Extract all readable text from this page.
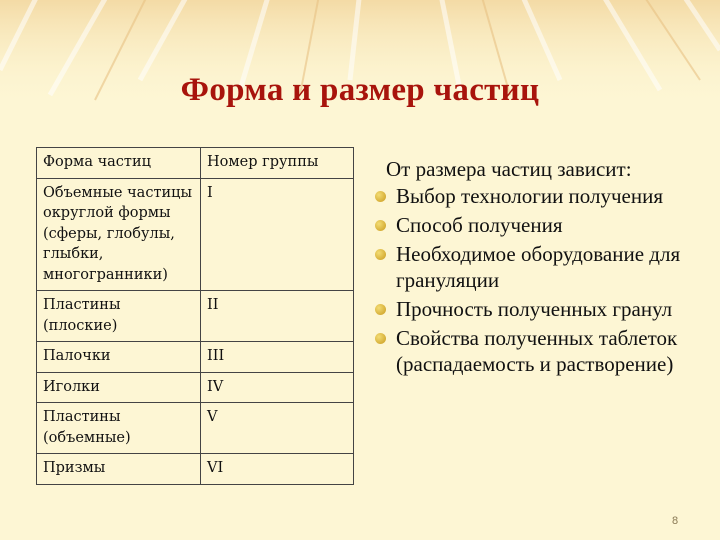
Форма и размер частиц
Форма частиц	Номер группы
Объемные частицы округлой формы (сферы, глобулы, глыбки, многогранники)	I
Пластины (плоские)	II
Палочки	III
Иголки	IV
Пластины (объемные)	V
Призмы	VI
От размера частиц зависит:
Выбор технологии получения
Способ получения
Необходимое оборудование для грануляции
Прочность полученных гранул
Свойства полученных таблеток (распадаемость и растворение)
8
